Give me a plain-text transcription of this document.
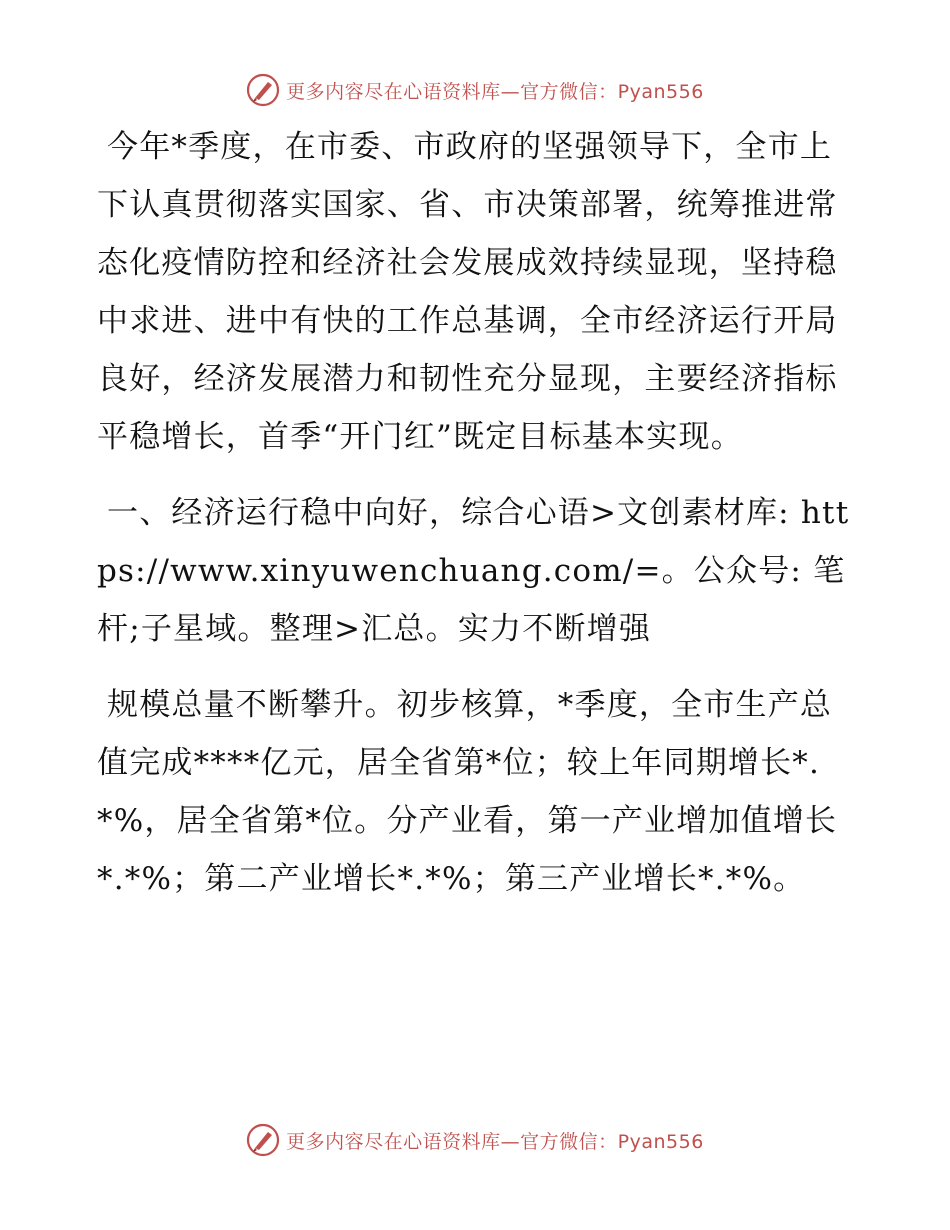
更多内容尽在心语资料库—官方微信：Pyan556

今年*季度，在市委、市政府的坚强领导下，全市上下认真贯彻落实国家、省、市决策部署，统筹推进常态化疫情防控和经济社会发展成效持续显现，坚持稳中求进、进中有快的工作总基调，全市经济运行开局良好，经济发展潜力和韧性充分显现，主要经济指标平稳增长，首季“开门红”既定目标基本实现。

一、经济运行稳中向好，综合心语>文创素材库: https://www.xinyuwenchuang.com/=。公众号: 笔杆;子星域。整理>汇总。实力不断增强

规模总量不断攀升。初步核算，*季度，全市生产总值完成****亿元，居全省第*位；较上年同期增长*.*%，居全省第*位。分产业看，第一产业增加值增长*.*%；第二产业增长*.*%；第三产业增长*.*%。

更多内容尽在心语资料库—官方微信：Pyan556
